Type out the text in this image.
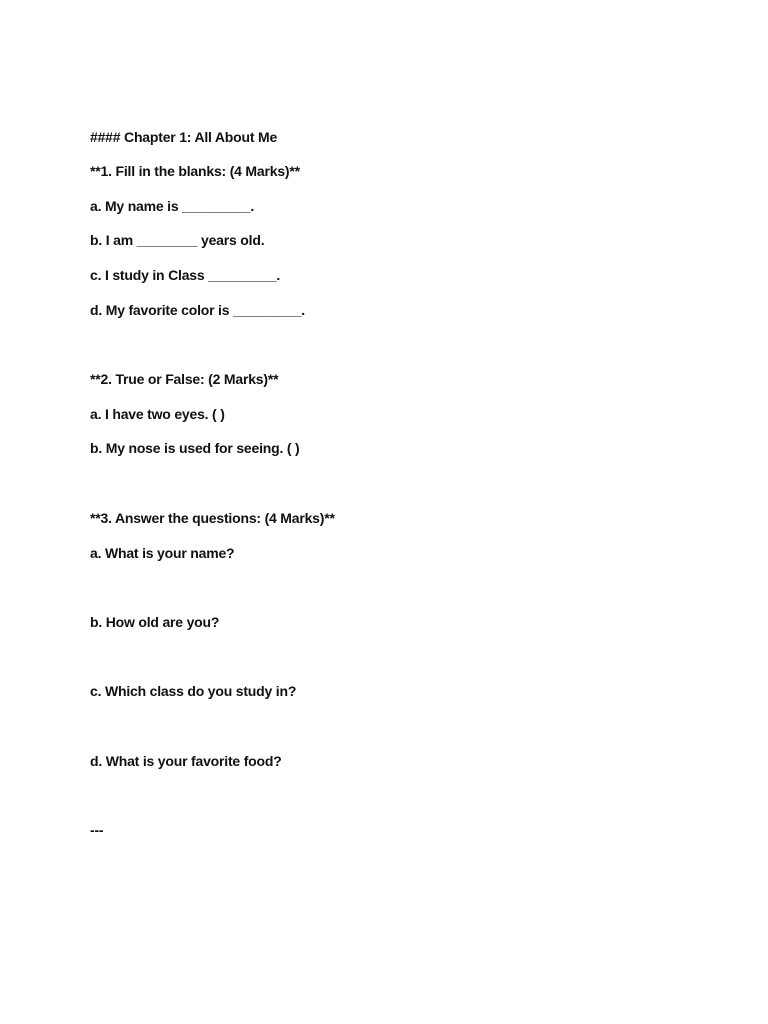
#### Chapter 1: All About Me
**1. Fill in the blanks: (4 Marks)**
a. My name is _________.
b. I am ________ years old.
c. I study in Class _________.
d. My favorite color is _________.
**2. True or False: (2 Marks)**
a. I have two eyes. ( )
b. My nose is used for seeing. ( )
**3. Answer the questions: (4 Marks)**
a. What is your name?
b. How old are you?
c. Which class do you study in?
d. What is your favorite food?
---
